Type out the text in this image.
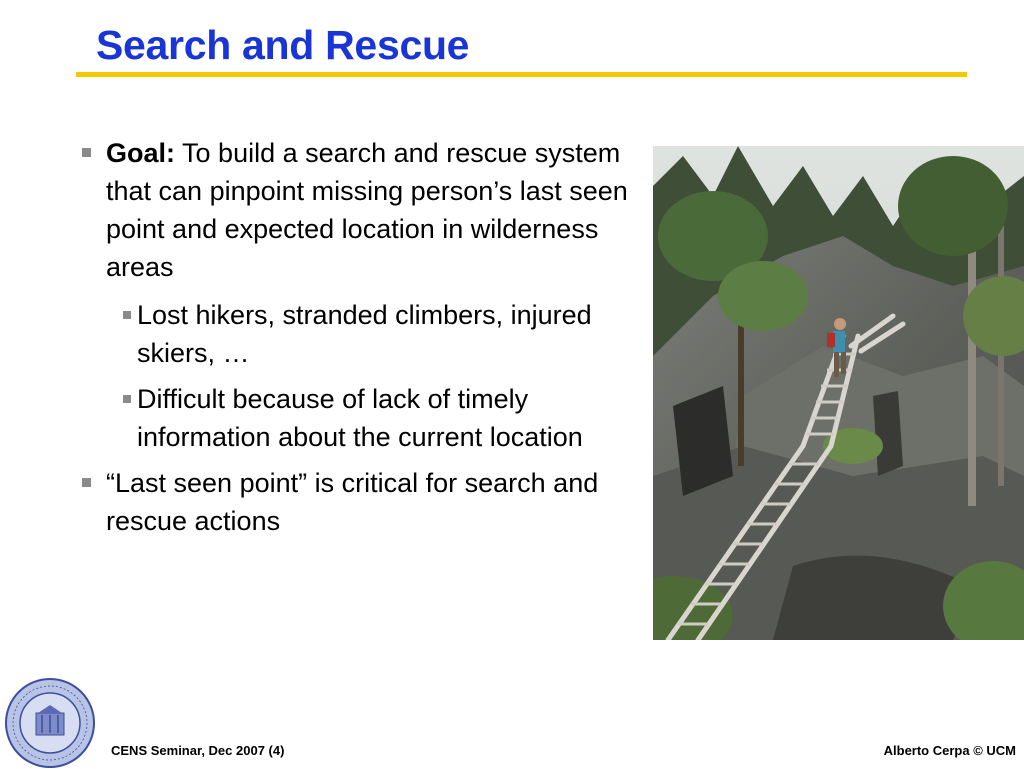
Search and Rescue
Goal: To build a search and rescue system that can pinpoint missing person’s last seen point and expected location in wilderness areas
Lost hikers, stranded climbers, injured skiers, …
Difficult because of lack of timely information about the current location
“Last seen point” is critical for search and rescue actions
CENS Seminar, Dec 2007 (4)	Alberto Cerpa © UCM
